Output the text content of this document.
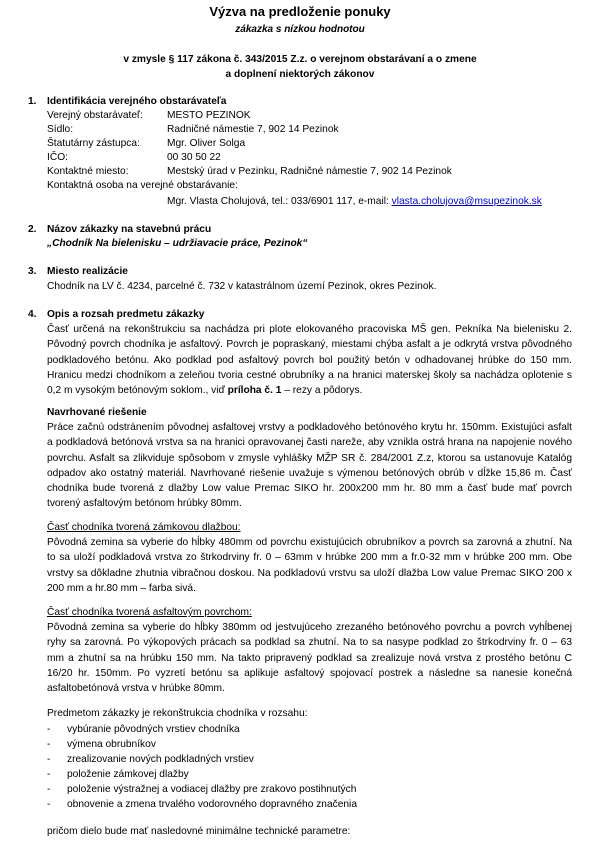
Výzva na predloženie ponuky
zákazka s nízkou hodnotou
v zmysle § 117 zákona č. 343/2015 Z.z. o verejnom obstarávaní a o zmene
a doplnení niektorých zákonov
1. Identifikácia verejného obstarávateľa
Verejný obstarávateľ: MESTO PEZINOK
Sídlo:	Radničné námestie 7, 902 14 Pezinok
Štatutárny zástupca:	Mgr. Oliver Solga
IČO:	00 30 50 22
Kontaktné miesto:	Mestský úrad v Pezinku, Radničné námestie 7, 902 14 Pezinok
Kontaktná osoba na verejné obstarávanie:
Mgr. Vlasta Cholujová, tel.: 033/6901 117, e-mail: vlasta.cholujova@msupezinok.sk
2. Názov zákazky na stavebnú prácu
„Chodník Na bielenisku – udržiavacie práce, Pezinok“
3. Miesto realizácie
Chodník na LV č. 4234, parcelné č. 732 v katastrálnom území Pezinok, okres Pezinok.
4. Opis a rozsah predmetu zákazky
Časť určená na rekonštrukciu sa nachádza pri plote elokovaného pracoviska MŠ gen. Pekníka Na bielenisku 2. Pôvodný povrch chodníka je asfaltový. Povrch je popraskaný, miestami chýba asfalt a je odkrytá vrstva pôvodného podkladového betónu. Ako podklad pod asfaltový povrch bol použitý betón v odhadovanej hrúbke do 150 mm. Hranicu medzi chodníkom a zeleňou tvoria cestné obrubníky a na hranici materskej školy sa nachádza oplotenie s 0,2 m vysokým betónovým soklom., viď príloha č. 1 – rezy a pôdorys.
Navrhované riešenie
Práce začnú odstránením pôvodnej asfaltovej vrstvy a podkladového betónového krytu hr. 150mm. Existujúci asfalt a podkladová betónová vrstva sa na hranici opravovanej časti nareže, aby vznikla ostrá hrana na napojenie nového povrchu. Asfalt sa zlikviduje spôsobom v zmysle vyhlášky MŽP SR č. 284/2001 Z.z, ktorou sa ustanovuje Katalóg odpadov ako ostatný materiál. Navrhované riešenie uvažuje s výmenou betónových obrúb v dĺžke 15,86 m. Časť chodníka bude tvorená z dlažby Low value Premac SIKO hr. 200x200 mm hr. 80 mm a časť bude mať povrch tvorený asfaltovým betónom hrúbky 80mm.
Časť chodníka tvorená zámkovou dlažbou:
Pôvodná zemina sa vyberie do hĺbky 480mm od povrchu existujúcich obrubníkov a povrch sa zarovná a zhutní. Na to sa uloží podkladová vrstva zo štrkodrviny fr. 0 – 63mm v hrúbke 200 mm a fr.0-32 mm v hrúbke 200 mm. Obe vrstvy sa dôkladne zhutnia vibračnou doskou. Na podkladovú vrstvu sa uloží dlažba Low value Premac SIKO 200 x 200 mm a hr.80 mm – farba sivá.
Časť chodníka tvorená asfaltovým povrchom:
Pôvodná zemina sa vyberie do hĺbky 380mm od jestvujúceho zrezaného betónového povrchu a povrch vyhĺbenej ryhy sa zarovná. Po výkopových prácach sa podklad sa zhutní. Na to sa nasype podklad zo štrkodrviny fr. 0 – 63 mm a zhutní sa na hrúbku 150 mm. Na takto pripravený podklad sa zrealizuje nová vrstva z prostého betónu C 16/20 hr. 150mm. Po vyzretí betónu sa aplikuje asfaltový spojovací postrek a následne sa nanesie konečná asfaltobetónová vrstva v hrúbke 80mm.
Predmetom zákazky je rekonštrukcia chodníka v rozsahu:
- vybúranie pôvodných vrstiev chodníka
- výmena obrubníkov
- zrealizovanie nových podkladných vrstiev
- položenie zámkovej dlažby
- položenie výstražnej a vodiacej dlažby pre zrakovo postihnutých
- obnovenie a zmena trvalého vodorovného dopravného značenia
pričom dielo bude mať nasledovné minimálne technické parametre:
